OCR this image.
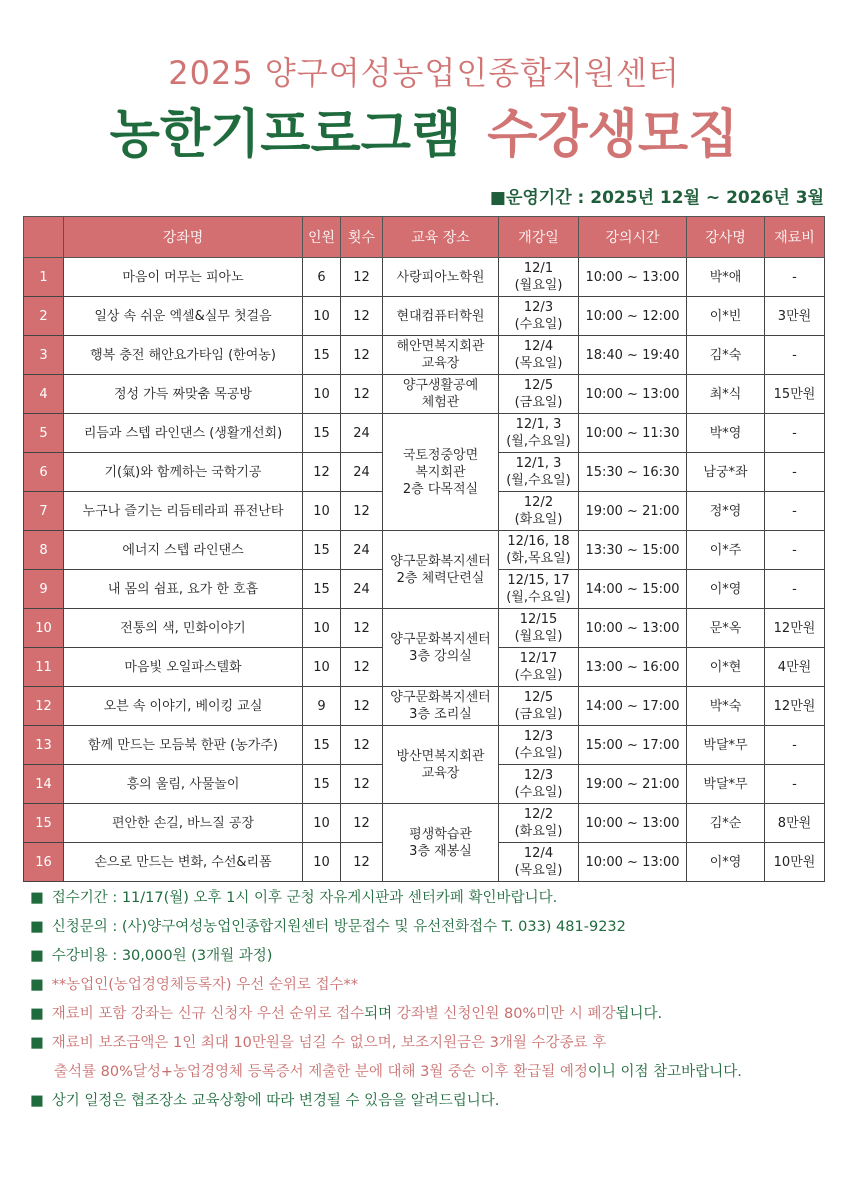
2025 양구여성농업인종합지원센터
농한기프로그램 수강생모집
■운영기간 : 2025년 12월 ~ 2026년 3월
	강좌명	인원	횟수	교육 장소	개강일	강의시간	강사명	재료비
1	마음이 머무는 피아노	6	12	사랑피아노학원	12/1
(월요일)	10:00 ~ 13:00	박*애	-
2	일상 속 쉬운 엑셀&실무 첫걸음	10	12	현대컴퓨터학원	12/3
(수요일)	10:00 ~ 12:00	이*빈	3만원
3	행복 충전 해안요가타임 (한여농)	15	12	해안면복지회관
교육장	12/4
(목요일)	18:40 ~ 19:40	김*숙	-
4	정성 가득 짜맞춤 목공방	10	12	양구생활공예
체험관	12/5
(금요일)	10:00 ~ 13:00	최*식	15만원
5	리듬과 스텝 라인댄스 (생활개선회)	15	24	국토정중앙면
복지회관
2층 다목적실	12/1, 3
(월,수요일)	10:00 ~ 11:30	박*영	-
6	기(氣)와 함께하는 국학기공	12	24		12/1, 3
(월,수요일)	15:30 ~ 16:30	남궁*좌	-
7	누구나 즐기는 리듬테라피 퓨전난타	10	12		12/2
(화요일)	19:00 ~ 21:00	정*영	-
8	에너지 스텝 라인댄스	15	24	양구문화복지센터
2층 체력단련실	12/16, 18
(화,목요일)	13:30 ~ 15:00	이*주	-
9	내 몸의 쉼표, 요가 한 호흡	15	24		12/15, 17
(월,수요일)	14:00 ~ 15:00	이*영	-
10	전통의 색, 민화이야기	10	12	양구문화복지센터
3층 강의실	12/15
(월요일)	10:00 ~ 13:00	문*옥	12만원
11	마음빛 오일파스텔화	10	12		12/17
(수요일)	13:00 ~ 16:00	이*현	4만원
12	오븐 속 이야기, 베이킹 교실	9	12	양구문화복지센터
3층 조리실	12/5
(금요일)	14:00 ~ 17:00	박*숙	12만원
13	함께 만드는 모듬북 한판 (농가주)	15	12	방산면복지회관
교육장	12/3
(수요일)	15:00 ~ 17:00	박달*무	-
14	흥의 울림, 사물놀이	15	12		12/3
(수요일)	19:00 ~ 21:00	박달*무	-
15	편안한 손길, 바느질 공장	10	12	평생학습관
3층 재봉실	12/2
(화요일)	10:00 ~ 13:00	김*순	8만원
16	손으로 만드는 변화, 수선&리폼	10	12		12/4
(목요일)	10:00 ~ 13:00	이*영	10만원
■ 접수기간 : 11/17(월) 오후 1시 이후 군청 자유게시판과 센터카페 확인바랍니다.
■ 신청문의 : (사)양구여성농업인종합지원센터 방문접수 및 유선전화접수 T. 033) 481-9232
■ 수강비용 : 30,000원 (3개월 과정)
■ **농업인(농업경영체등록자) 우선 순위로 접수**
■ 재료비 포함 강좌는 신규 신청자 우선 순위로 접수되며 강좌별 신청인원 80%미만 시 폐강됩니다.
■ 재료비 보조금액은 1인 최대 10만원을 넘길 수 없으며, 보조지원금은 3개월 수강종료 후
출석률 80%달성+농업경영체 등록증서 제출한 분에 대해 3월 중순 이후 환급될 예정이니 이점 참고바랍니다.
■ 상기 일정은 협조장소 교육상황에 따라 변경될 수 있음을 알려드립니다.
